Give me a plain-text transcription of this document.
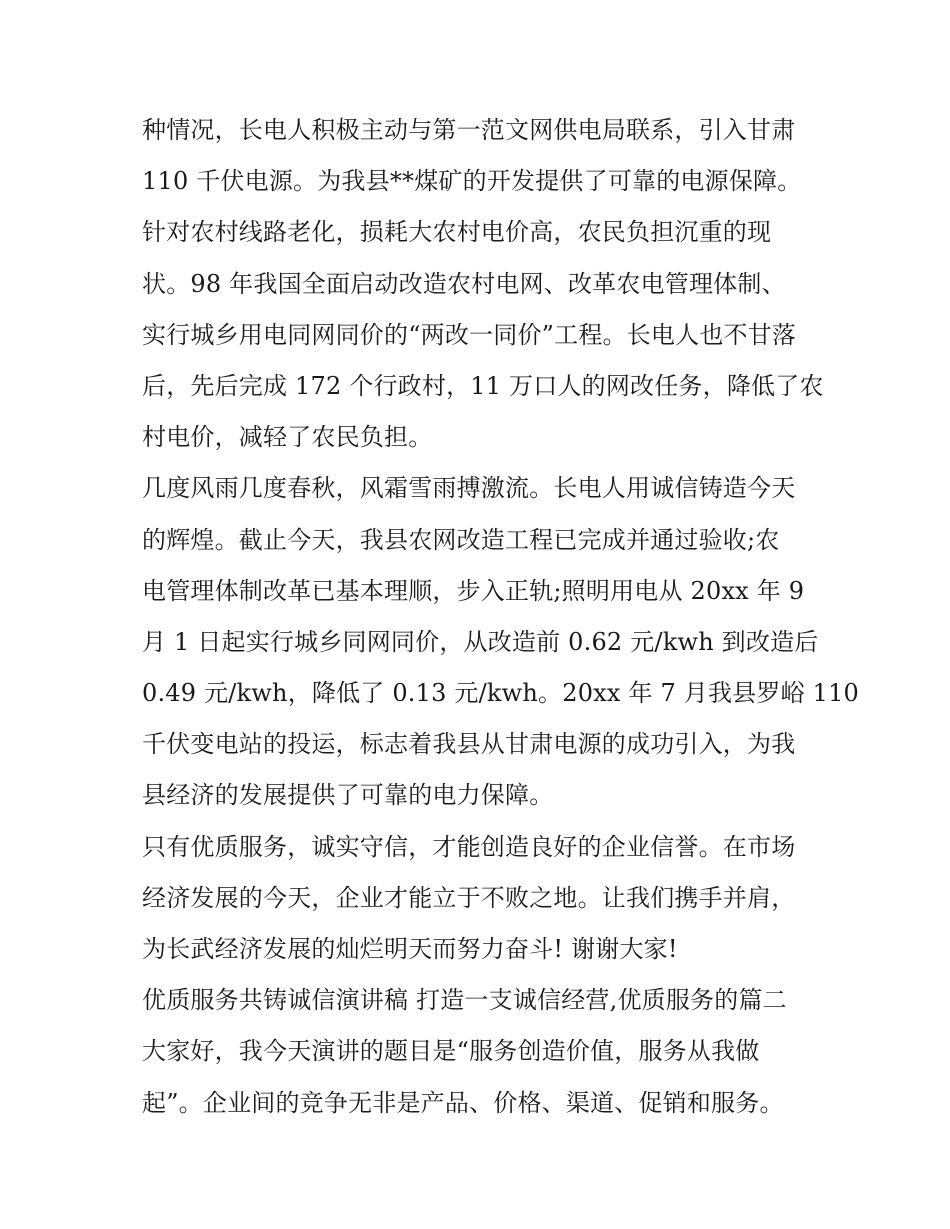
种情况，长电人积极主动与第一范文网供电局联系，引入甘肃
110 千伏电源。为我县**煤矿的开发提供了可靠的电源保障。
针对农村线路老化，损耗大农村电价高，农民负担沉重的现
状。98 年我国全面启动改造农村电网、改革农电管理体制、
实行城乡用电同网同价的“两改一同价”工程。长电人也不甘落
后，先后完成 172 个行政村，11 万口人的网改任务，降低了农
村电价，减轻了农民负担。
几度风雨几度春秋，风霜雪雨搏激流。长电人用诚信铸造今天
的辉煌。截止今天，我县农网改造工程已完成并通过验收;农
电管理体制改革已基本理顺，步入正轨;照明用电从 20xx 年 9
月 1 日起实行城乡同网同价，从改造前 0.62 元/kwh 到改造后
0.49 元/kwh，降低了 0.13 元/kwh。20xx 年 7 月我县罗峪 110
千伏变电站的投运，标志着我县从甘肃电源的成功引入，为我
县经济的发展提供了可靠的电力保障。
只有优质服务，诚实守信，才能创造良好的企业信誉。在市场
经济发展的今天，企业才能立于不败之地。让我们携手并肩，
为长武经济发展的灿烂明天而努力奋斗! 谢谢大家!
优质服务共铸诚信演讲稿 打造一支诚信经营,优质服务的篇二
大家好，我今天演讲的题目是“服务创造价值，服务从我做
起”。企业间的竞争无非是产品、价格、渠道、促销和服务。
